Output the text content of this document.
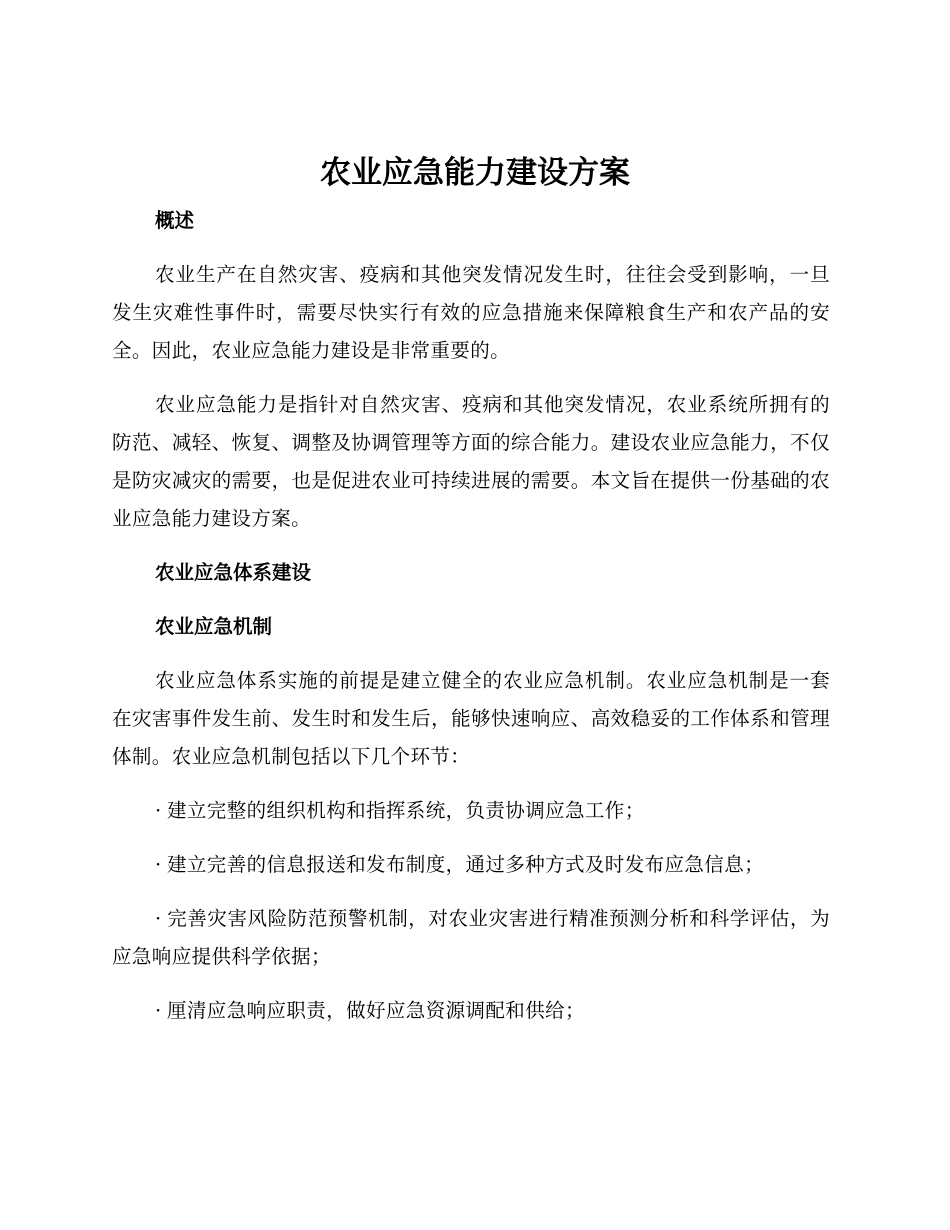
农业应急能力建设方案
概述

农业生产在自然灾害、疫病和其他突发情况发生时，往往会受到影响，一旦发生灾难性事件时，需要尽快实行有效的应急措施来保障粮食生产和农产品的安全。因此，农业应急能力建设是非常重要的。

农业应急能力是指针对自然灾害、疫病和其他突发情况，农业系统所拥有的防范、减轻、恢复、调整及协调管理等方面的综合能力。建设农业应急能力，不仅是防灾减灾的需要，也是促进农业可持续进展的需要。本文旨在提供一份基础的农业应急能力建设方案。

农业应急体系建设
农业应急机制

农业应急体系实施的前提是建立健全的农业应急机制。农业应急机制是一套在灾害事件发生前、发生时和发生后，能够快速响应、高效稳妥的工作体系和管理体制。农业应急机制包括以下几个环节：

· 建立完整的组织机构和指挥系统，负责协调应急工作；

· 建立完善的信息报送和发布制度，通过多种方式及时发布应急信息；

· 完善灾害风险防范预警机制，对农业灾害进行精准预测分析和科学评估，为应急响应提供科学依据；

· 厘清应急响应职责，做好应急资源调配和供给；
